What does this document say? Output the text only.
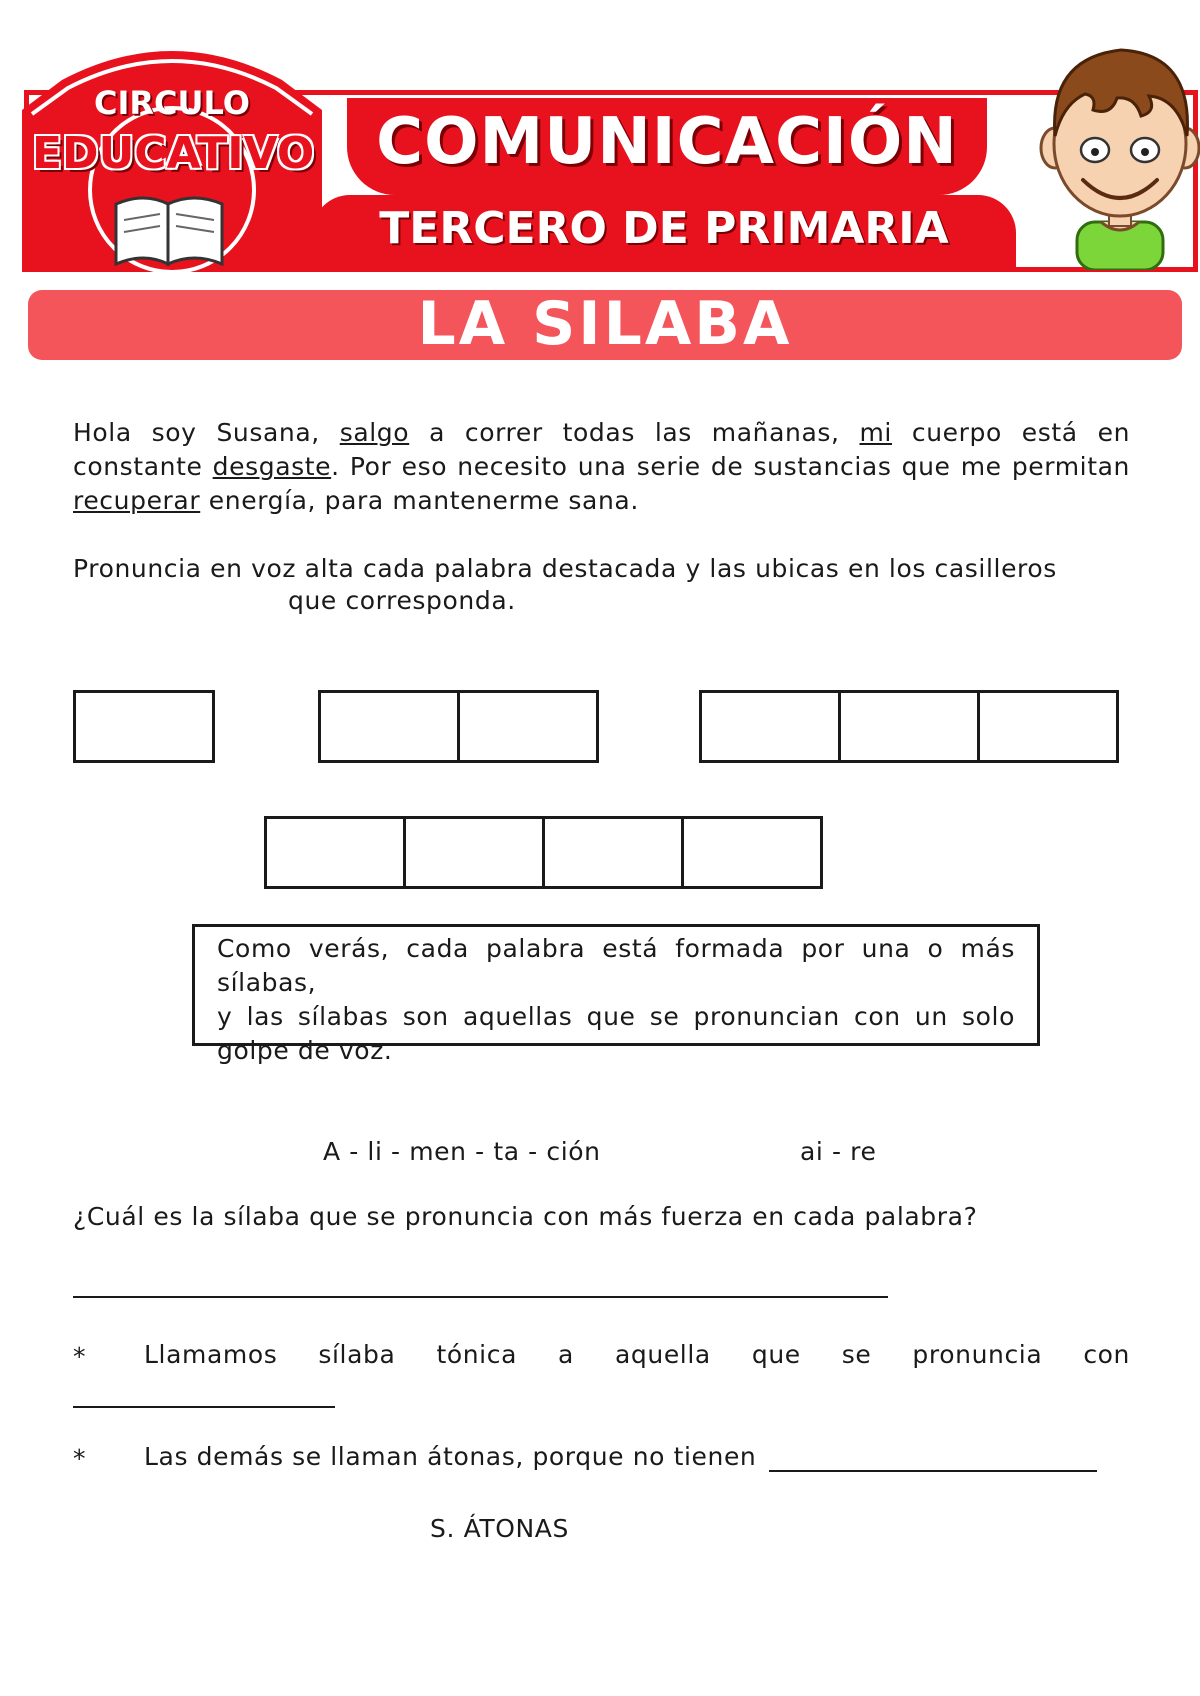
COMUNICACIÓN
TERCERO DE PRIMARIA
CIRCULO
EDUCATIVO
LA SILABA
Hola soy Susana, salgo a correr todas las mañanas, mi cuerpo está en constante desgaste. Por eso necesito una serie de sustancias que me permitan recuperar energía, para mantenerme sana.
Pronuncia en voz alta cada palabra destacada y las ubicas en los casilleros
que corresponda.
Como verás, cada palabra está formada por una o más
sílabas,
y las sílabas son aquellas que se pronuncian con un solo
golpe de voz.
A - li - men - ta - ción	ai - re
¿Cuál es la sílaba que se pronuncia con más fuerza en cada palabra?
* Llamamos sílaba tónica a aquella que se pronuncia con
* Las demás se llaman átonas, porque no tienen
S. ÁTONAS
